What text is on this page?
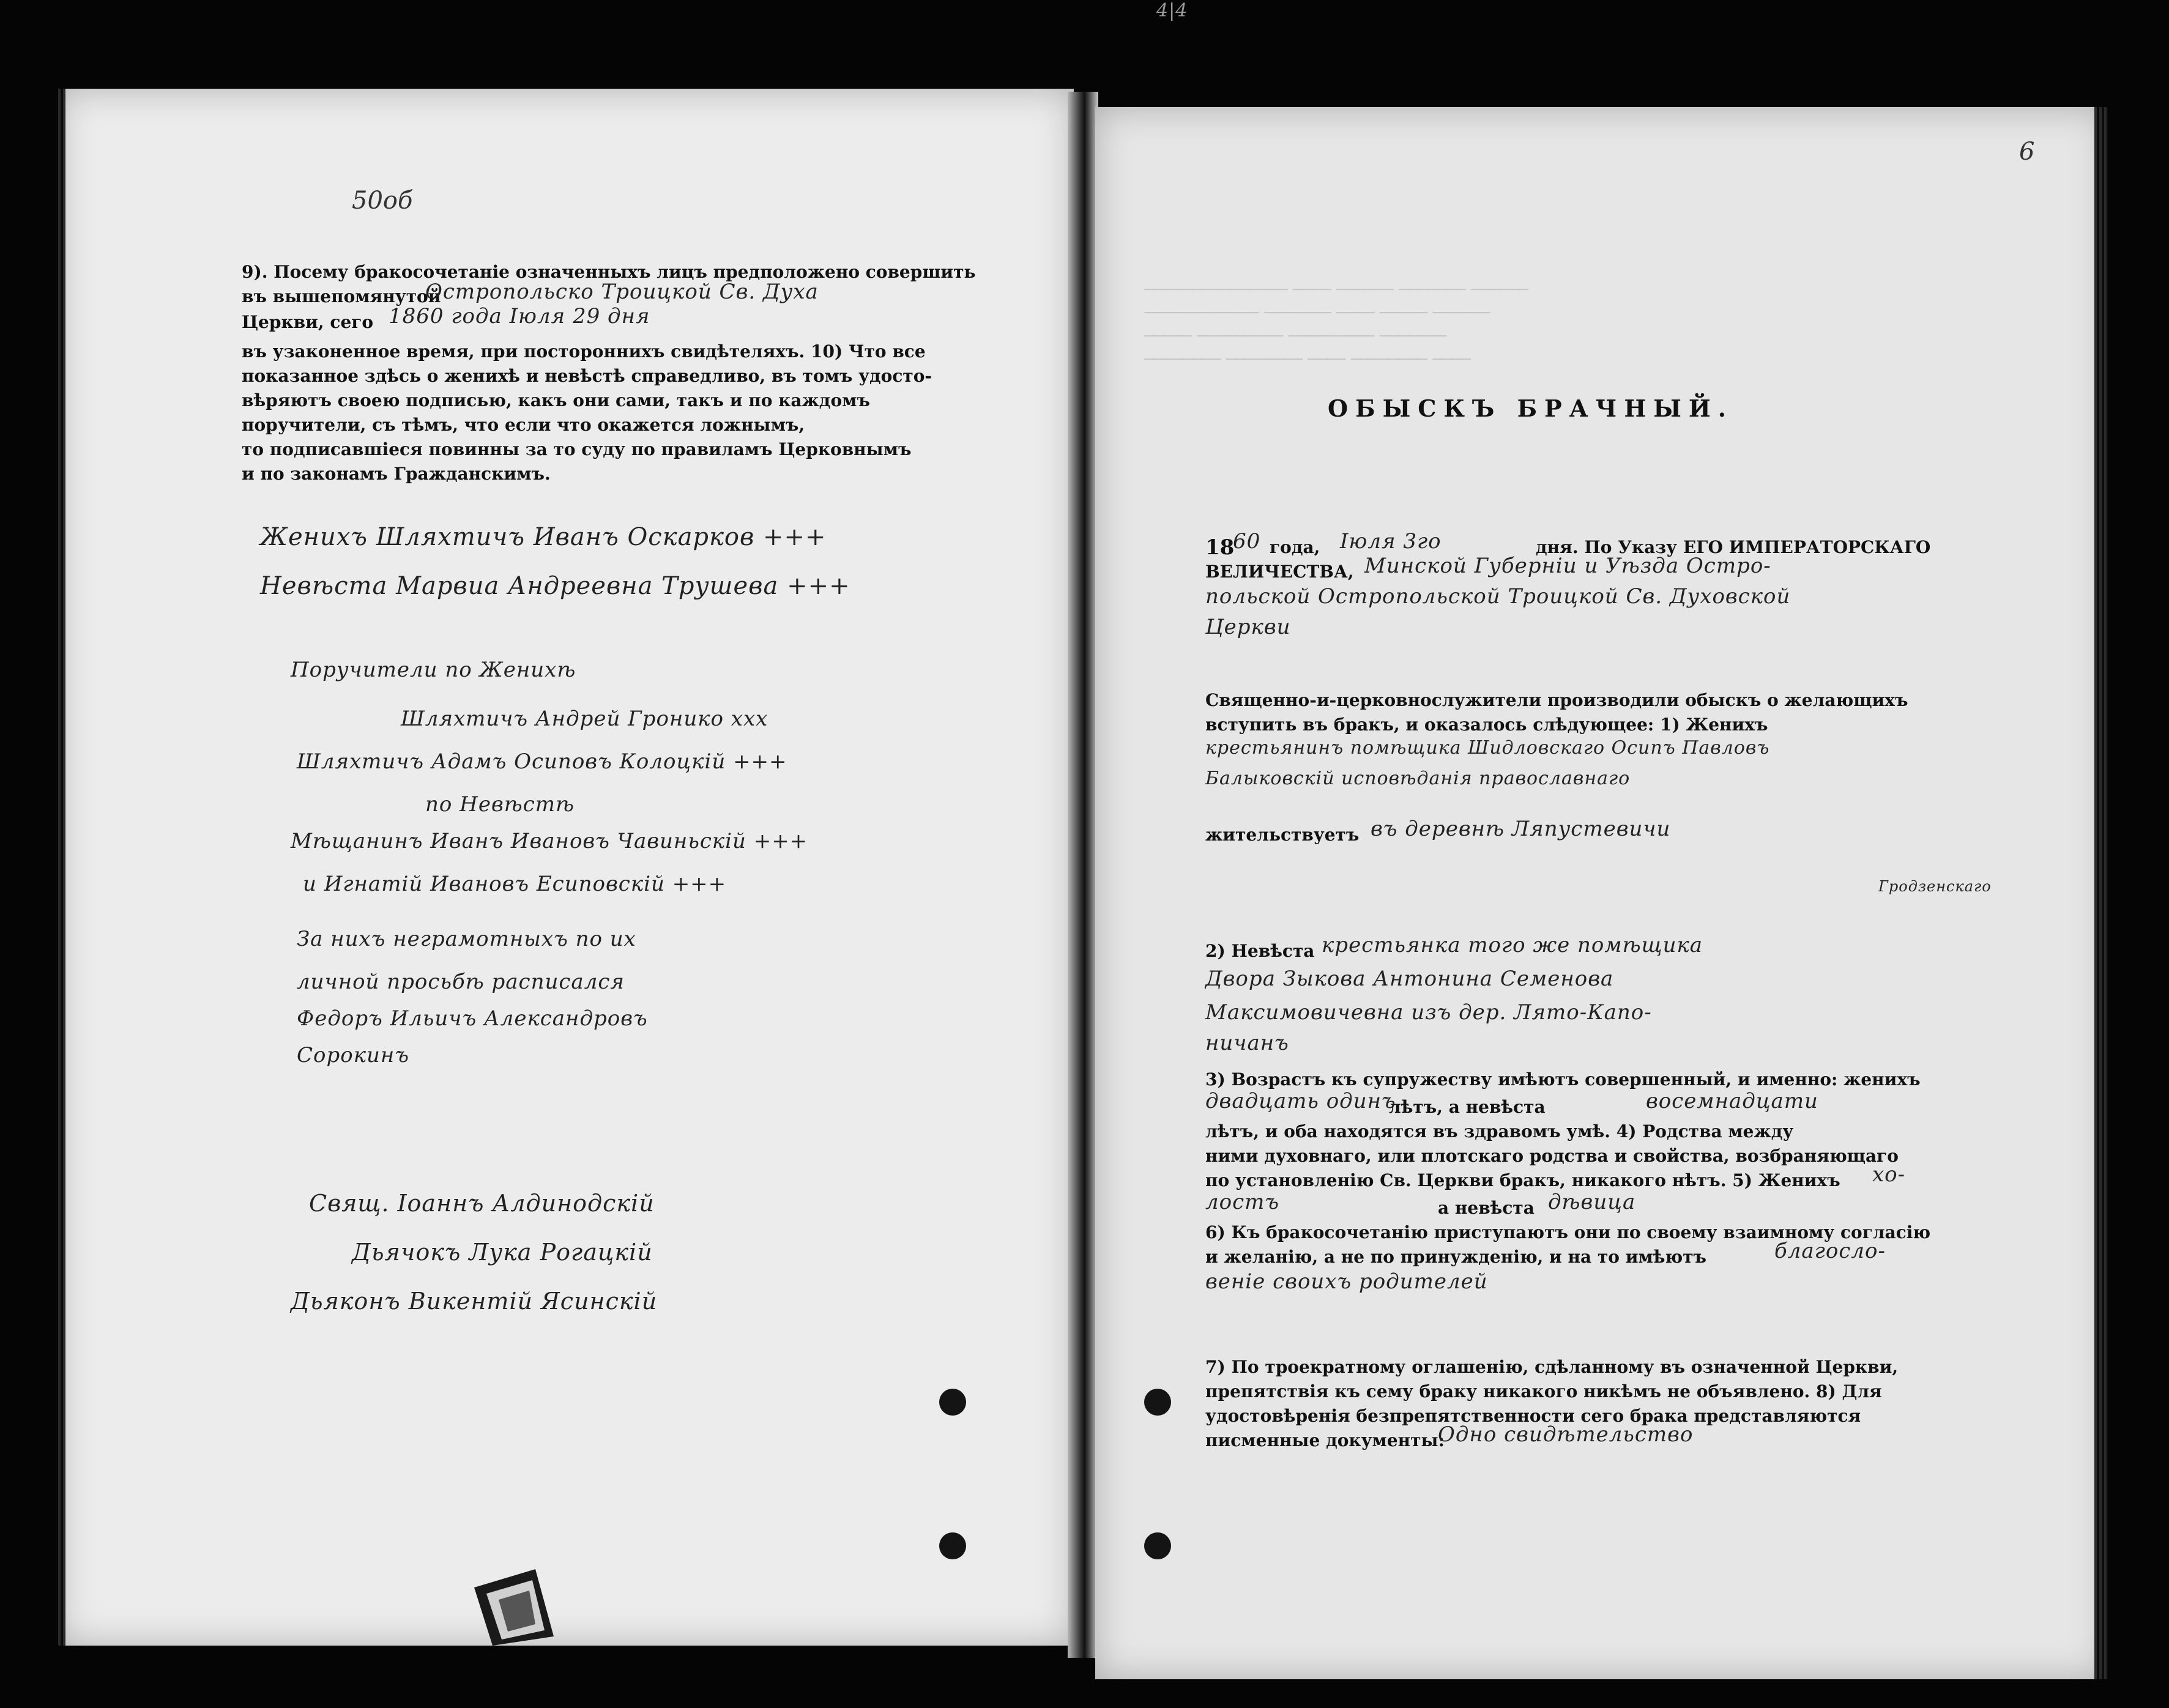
4|4
50об
9). Посему бракосочетаніе означенныхъ лицъ предположено совершить
въ вышепомянутой
Остропольско Троицкой Св. Духа
Церкви, сего 1860 года Іюля 29 дня
въ узаконенное время, при постороннихъ свидѣтеляхъ. 10) Что все
показанное здѣсь о женихѣ и невѣстѣ справедливо, въ томъ удосто-
вѣряютъ своею подписью, какъ они сами, такъ и по каждомъ
поручители, съ тѣмъ, что если что окажется ложнымъ,
то подписавшіеся повинны за то суду по правиламъ Церковнымъ
и по законамъ Гражданскимъ.
Женихъ Шляхтичъ Иванъ Оскарков +++
Невѣста Марвиа Андреевна Трушева +++
Поручители по Женихѣ
Шляхтичъ Андрей Гронико xxx
Шляхтичъ Адамъ Осиповъ Колоцкій +++
по Невѣстѣ
Мѣщанинъ Иванъ Ивановъ Чавиньскій +++
и Игнатій Ивановъ Есиповскій +++
За нихъ неграмотныхъ по их
личной просьбѣ расписался
Федоръ Ильичъ Александровъ
Сорокинъ
Свящ. Іоаннъ Алдинодскій
Дьячокъ Лука Рогацкій
Дьяконъ Викентій Ясинскій
6
─────────────── ──── ────── ─────── ──────
──────────── ─────── ──── ───── ──────
───── ───────── ───────── ───────
──────── ──────── ──── ──────── ────
ОБЫСКЪ БРАЧНЫЙ.
18
60 года, Іюля 3го	дня. По Указу ЕГО ИМПЕРАТОРСКАГО
ВЕЛИЧЕСТВА, Минской Губерніи и Уѣзда Остро-
польской Остропольской Троицкой Св. Духовской
Церкви
Священно-и-церковнослужители производили обыскъ о желающихъ
вступить въ бракъ, и оказалось слѣдующее: 1) Женихъ
крестьянинъ помѣщика Шидловскаго Осипъ Павловъ
Балыковскій исповѣданія православнаго
жительствуетъ въ деревнѣ Ляпустевичи
Гродзенскаго
2) Невѣста крестьянка того же помѣщика
Двора Зыкова Антонина Семенова
Максимовичевна изъ дер. Лято-Капо-
ничанъ
3) Возрастъ къ супружеству имѣютъ совершенный, и именно: женихъ
двадцать одинъ
лѣтъ, а невѣста	восемнадцати
лѣтъ, и оба находятся въ здравомъ умѣ. 4) Родства между
ними духовнаго, или плотскаго родства и свойства, возбраняющаго
по установленію Св. Церкви бракъ, никакого нѣтъ. 5) Женихъ хо-
лостъ	а невѣста дѣвица
6) Къ бракосочетанію приступаютъ они по своему взаимному согласію
и желанію, а не по принужденію, и на то имѣютъ	благосло-
веніе своихъ родителей
7) По троекратному оглашенію, сдѣланному въ означенной Церкви,
препятствія къ сему браку никакого никѣмъ не объявлено. 8) Для
удостовѣренія безпрепятственности сего брака представляются
писменные документы:
Одно свидѣтельство
